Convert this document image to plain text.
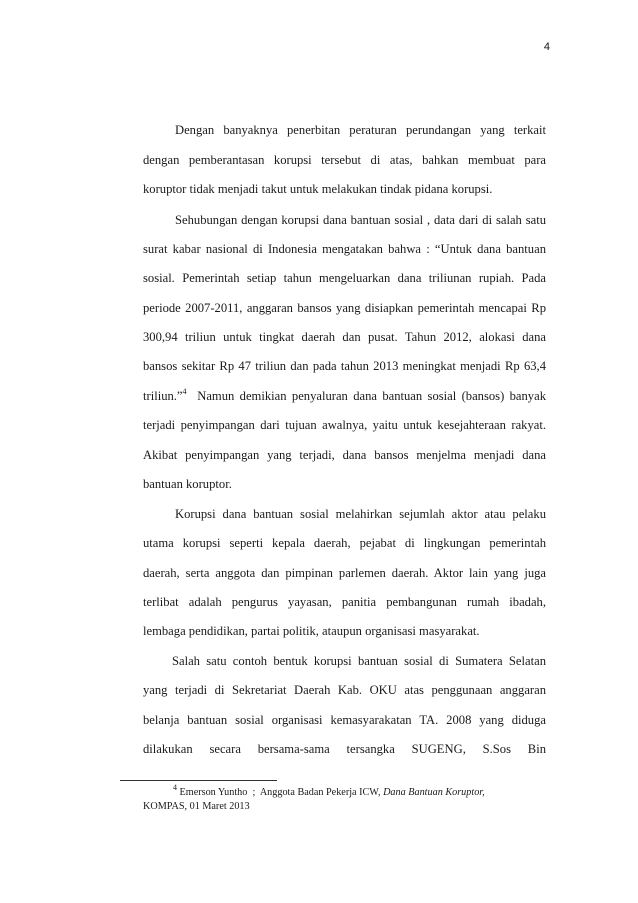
4
Dengan banyaknya penerbitan peraturan perundangan yang terkait
dengan pemberantasan korupsi tersebut di atas, bahkan membuat para
koruptor tidak menjadi takut untuk melakukan tindak pidana korupsi.
Sehubungan dengan korupsi dana bantuan sosial , data dari di salah satu
surat kabar nasional di Indonesia mengatakan bahwa : “Untuk dana bantuan
sosial. Pemerintah setiap tahun mengeluarkan dana triliunan rupiah. Pada
periode 2007-2011, anggaran bansos yang disiapkan pemerintah mencapai Rp
300,94 triliun untuk tingkat daerah dan pusat. Tahun 2012, alokasi dana
bansos sekitar Rp 47 triliun dan pada tahun 2013 meningkat menjadi Rp 63,4
triliun.”$^4$  Namun demikian penyaluran dana bantuan sosial (bansos) banyak
terjadi penyimpangan dari tujuan awalnya, yaitu untuk kesejahteraan rakyat.
Akibat penyimpangan yang terjadi, dana bansos menjelma menjadi dana
bantuan koruptor.
Korupsi dana bantuan sosial melahirkan sejumlah aktor atau pelaku
utama korupsi seperti kepala daerah, pejabat di lingkungan pemerintah
daerah, serta anggota dan pimpinan parlemen daerah. Aktor lain yang juga
terlibat adalah pengurus yayasan, panitia pembangunan rumah ibadah,
lembaga pendidikan, partai politik, ataupun organisasi masyarakat.
Salah satu contoh bentuk korupsi bantuan sosial di Sumatera Selatan
yang terjadi di Sekretariat Daerah Kab. OKU atas penggunaan anggaran
belanja bantuan sosial organisasi kemasyarakatan TA. 2008 yang diduga
dilakukan secara bersama-sama tersangka SUGENG, S.Sos Bin
$^4$ Emerson Yuntho  ;  Anggota Badan Pekerja ICW, Dana Bantuan Koruptor,
KOMPAS, 01 Maret 2013
